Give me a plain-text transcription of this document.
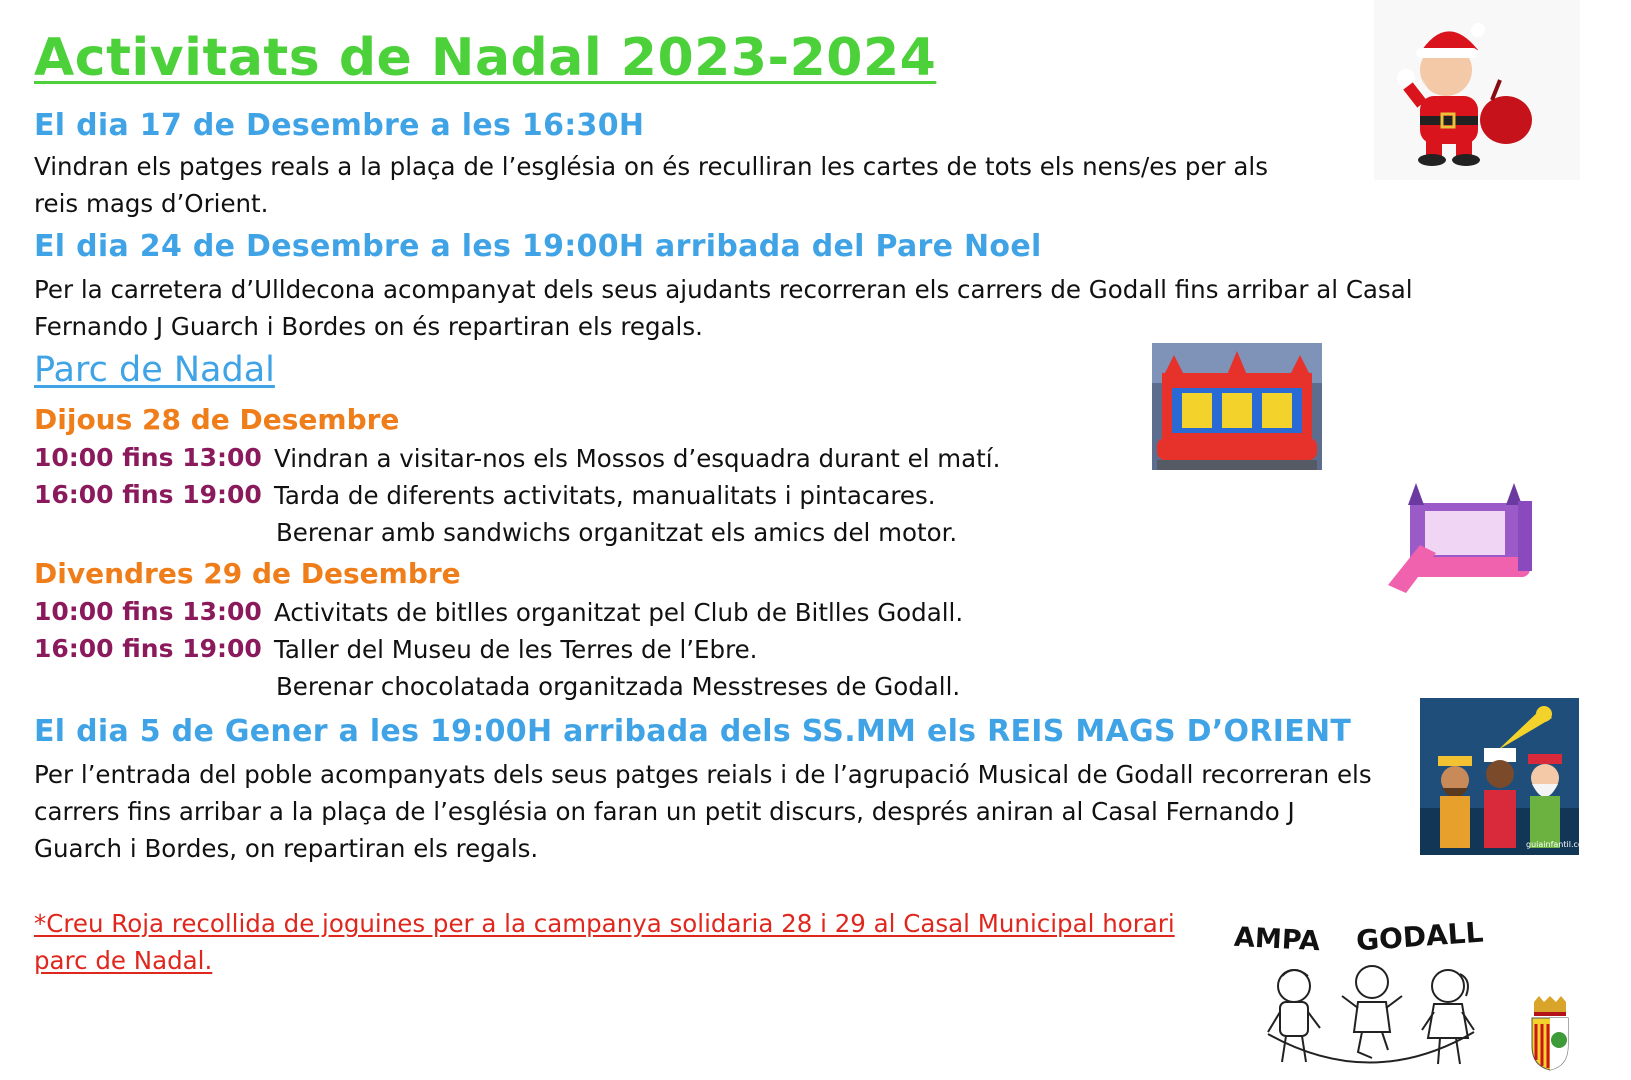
Activitats de Nadal 2023-2024
El dia 17 de Desembre a les 16:30H
Vindran els patges reals a la plaça de l’església on és reculliran les cartes de tots els nens/es per als
reis mags d’Orient.
El dia 24 de Desembre a les 19:00H arribada del Pare Noel
Per la carretera d’Ulldecona acompanyat dels seus ajudants recorreran els carrers de Godall fins arribar al Casal
Fernando J Guarch i Bordes on és repartiran els regals.
Parc de Nadal
Dijous 28 de Desembre
10:00 fins 13:00 Vindran a visitar-nos els Mossos d’esquadra durant el matí.
16:00 fins 19:00 Tarda de diferents activitats, manualitats i pintacares.
Berenar amb sandwichs organitzat els amics del motor.
Divendres 29 de Desembre
10:00 fins 13:00 Activitats de bitlles organitzat pel Club de Bitlles Godall.
16:00 fins 19:00 Taller del Museu de les Terres de l’Ebre.
Berenar chocolatada organitzada Messtreses de Godall.
El dia 5 de Gener a les 19:00H arribada dels SS.MM els REIS MAGS D’ORIENT
Per l’entrada del poble acompanyats dels seus patges reials i de l’agrupació Musical de Godall recorreran els
carrers fins arribar a la plaça de l’església on faran un petit discurs, després aniran al Casal Fernando J
Guarch i Bordes, on repartiran els regals.
*Creu Roja recollida de joguines per a la campanya solidaria 28 i 29 al Casal Municipal horari
parc de Nadal.
guiainfantil.com
AMPA GODALL
